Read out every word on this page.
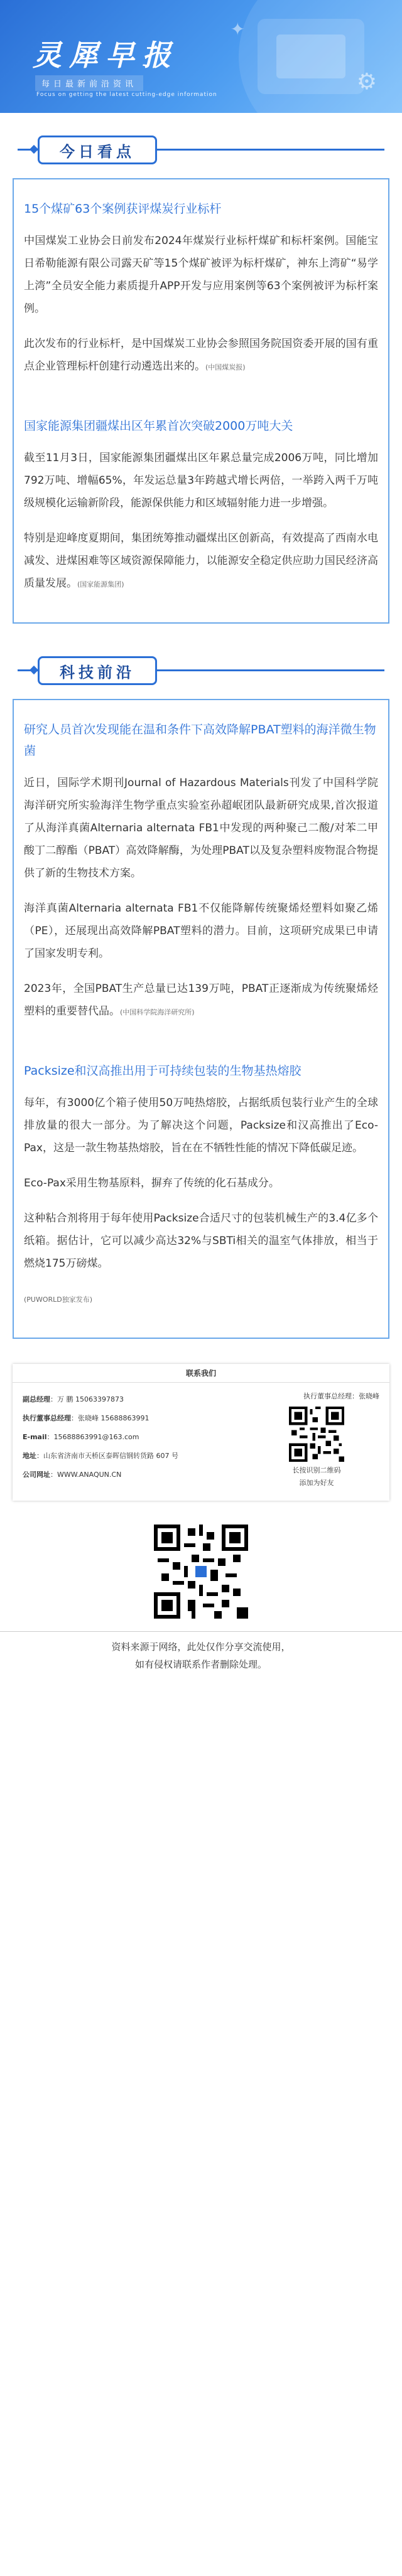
⚙
✦
灵犀早报
每日最新前沿资讯
Focus on getting the latest cutting-edge information
今日看点
15个煤矿63个案例获评煤炭行业标杆

中国煤炭工业协会日前发布2024年煤炭行业标杆煤矿和标杆案例。国能宝日希勒能源有限公司露天矿等15个煤矿被评为标杆煤矿，神东上湾矿“易学上湾”全员安全能力素质提升APP开发与应用案例等63个案例被评为标杆案例。

此次发布的行业标杆，是中国煤炭工业协会参照国务院国资委开展的国有重点企业管理标杆创建行动遴选出来的。(中国煤炭报)

国家能源集团疆煤出区年累首次突破2000万吨大关

截至11月3日，国家能源集团疆煤出区年累总量完成2006万吨，同比增加792万吨、增幅65%，年发运总量3年跨越式增长两倍，一举跨入两千万吨级规模化运输新阶段，能源保供能力和区域辐射能力进一步增强。

特别是迎峰度夏期间，集团统筹推动疆煤出区创新高，有效提高了西南水电减发、进煤困难等区域资源保障能力，以能源安全稳定供应助力国民经济高质量发展。(国家能源集团)

科技前沿
研究人员首次发现能在温和条件下高效降解PBAT塑料的海洋微生物菌

近日，国际学术期刊Journal of Hazardous Materials刊发了中国科学院海洋研究所实验海洋生物学重点实验室孙超岷团队最新研究成果,首次报道了从海洋真菌Alternaria alternata FB1中发现的两种聚己二酸/对苯二甲酸丁二醇酯（PBAT）高效降解酶，为处理PBAT以及复杂塑料废物混合物提供了新的生物技术方案。

海洋真菌Alternaria alternata FB1不仅能降解传统聚烯烃塑料如聚乙烯（PE），还展现出高效降解PBAT塑料的潜力。目前，这项研究成果已申请了国家发明专利。

2023年，全国PBAT生产总量已达139万吨，PBAT正逐渐成为传统聚烯烃塑料的重要替代品。(中国科学院海洋研究所)

Packsize和汉高推出用于可持续包装的生物基热熔胶

每年，有3000亿个箱子使用50万吨热熔胶，占据纸质包装行业产生的全球排放量的很大一部分。为了解决这个问题，Packsize和汉高推出了Eco-Pax，这是一款生物基热熔胶，旨在在不牺牲性能的情况下降低碳足迹。

Eco-Pax采用生物基原料，摒弃了传统的化石基成分。

这种粘合剂将用于每年使用Packsize合适尺寸的包装机械生产的3.4亿多个纸箱。据估计，它可以减少高达32%与SBTi相关的温室气体排放，相当于燃烧175万磅煤。

(PUWORLD独家发布)

联系我们
副总经理：万 鹏 15063397873
执行董事总经理：张晓峰 15688863991
E-mail：15688863991@163.com
地址：山东省济南市天桥区泰晖信钢转货路 607 号
公司网址：WWW.ANAQUN.CN
执行董事总经理：张晓峰
长按识别二维码
添加为好友
资料来源于网络，此处仅作分享交流使用，
如有侵权请联系作者删除处理。
